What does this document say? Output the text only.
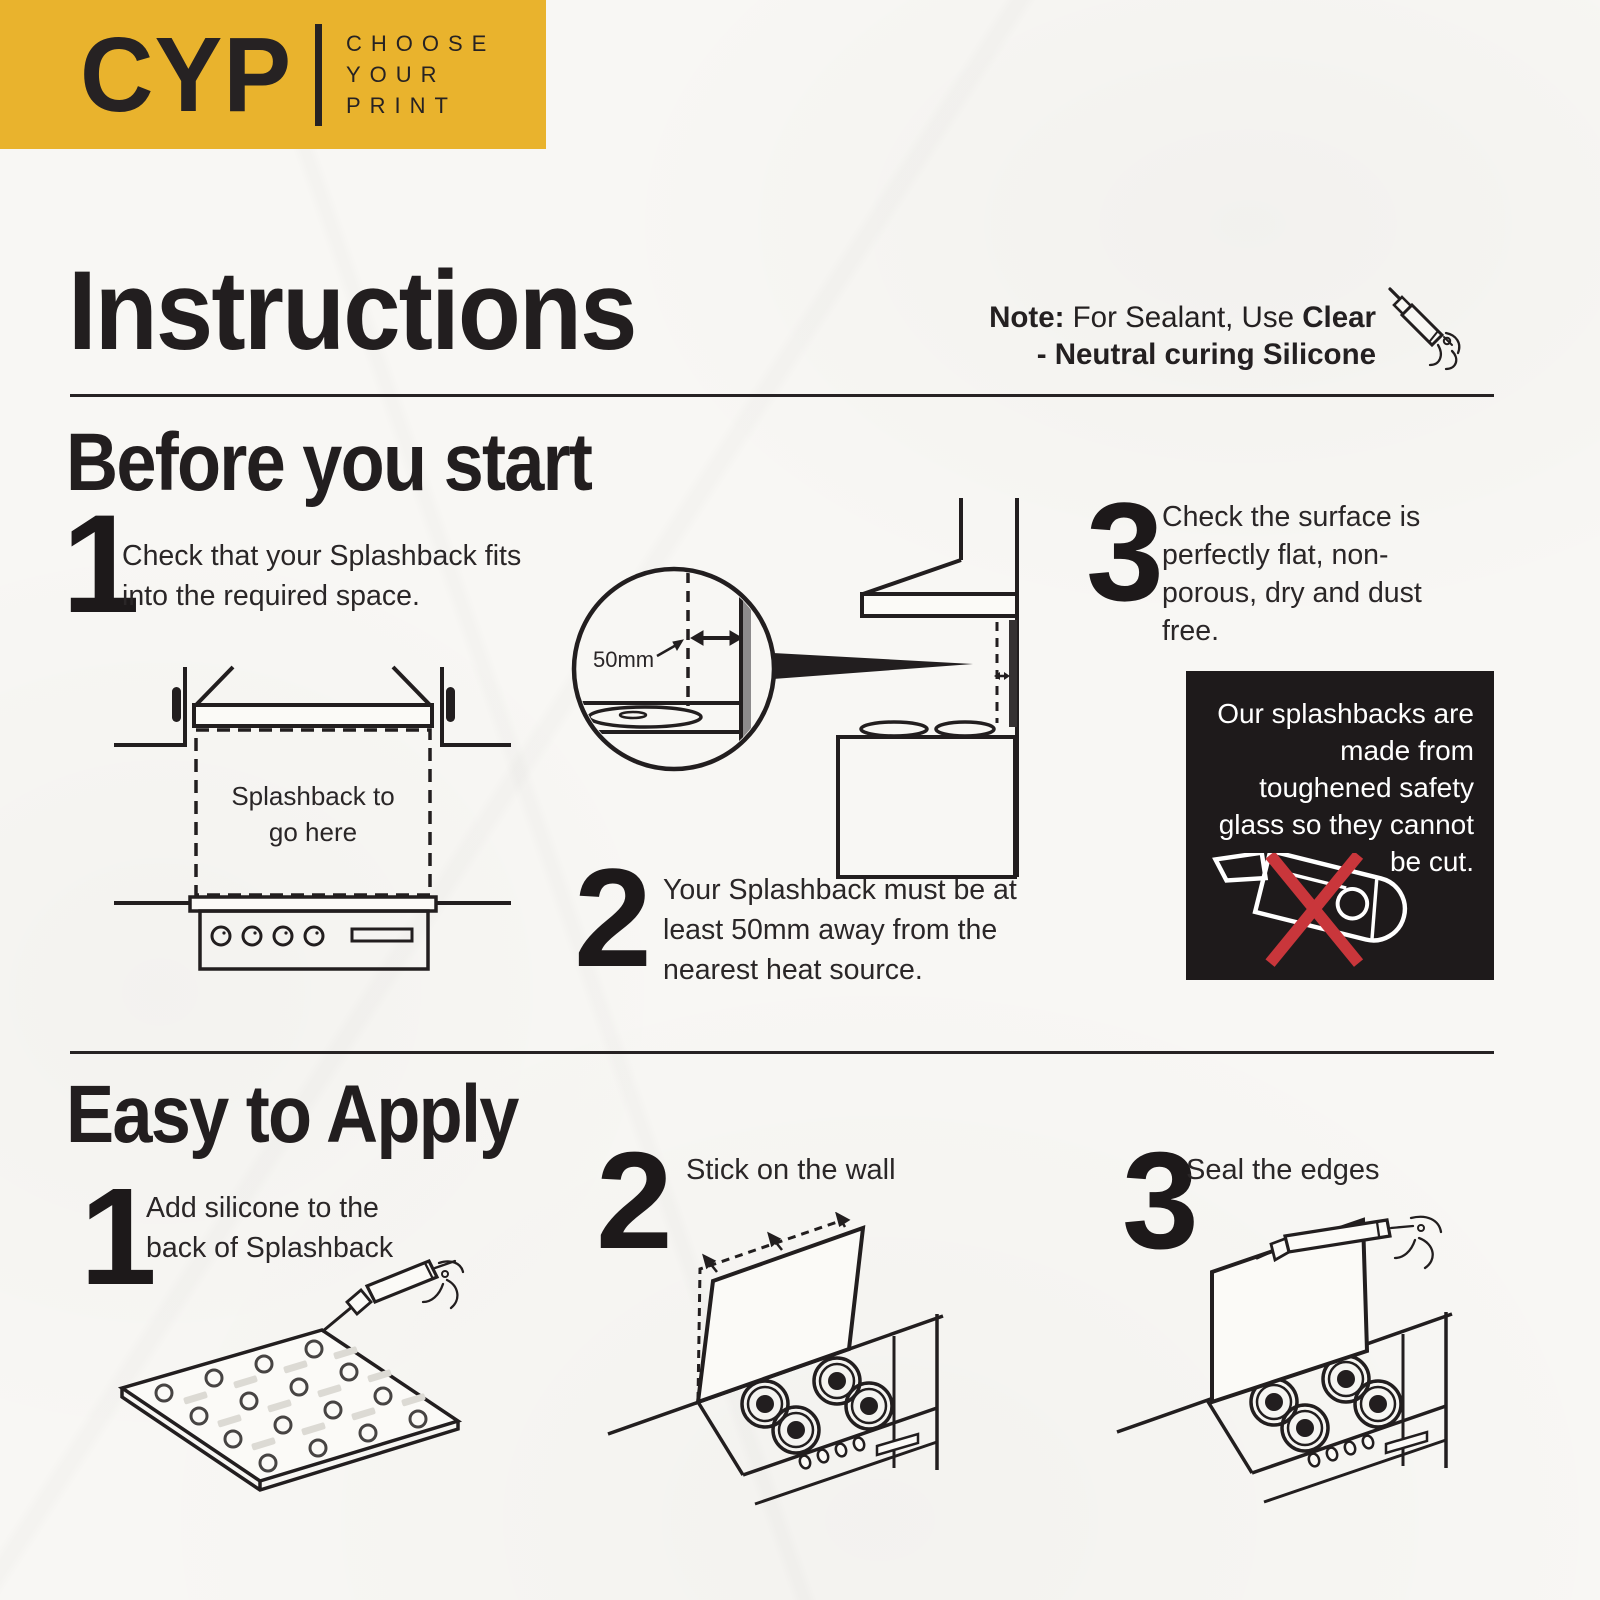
CYP CHOOSE
YOUR
PRINT
Instructions	Note: For Sealant, Use Clear
- Neutral curing Silicone
Before you start
1
Check that your Splashback fits into the required space.
2 Your Splashback must be at least 50mm away from the nearest heat source.
3
Check the surface is perfectly flat, non-porous, dry and dust free.
Splashback to
go here
50mm
Our splashbacks are made from toughened safety glass so they cannot be cut.
Easy to Apply
1
Add silicone to the back of Splashback 2 Stick on the wall 3
Seal the edges
